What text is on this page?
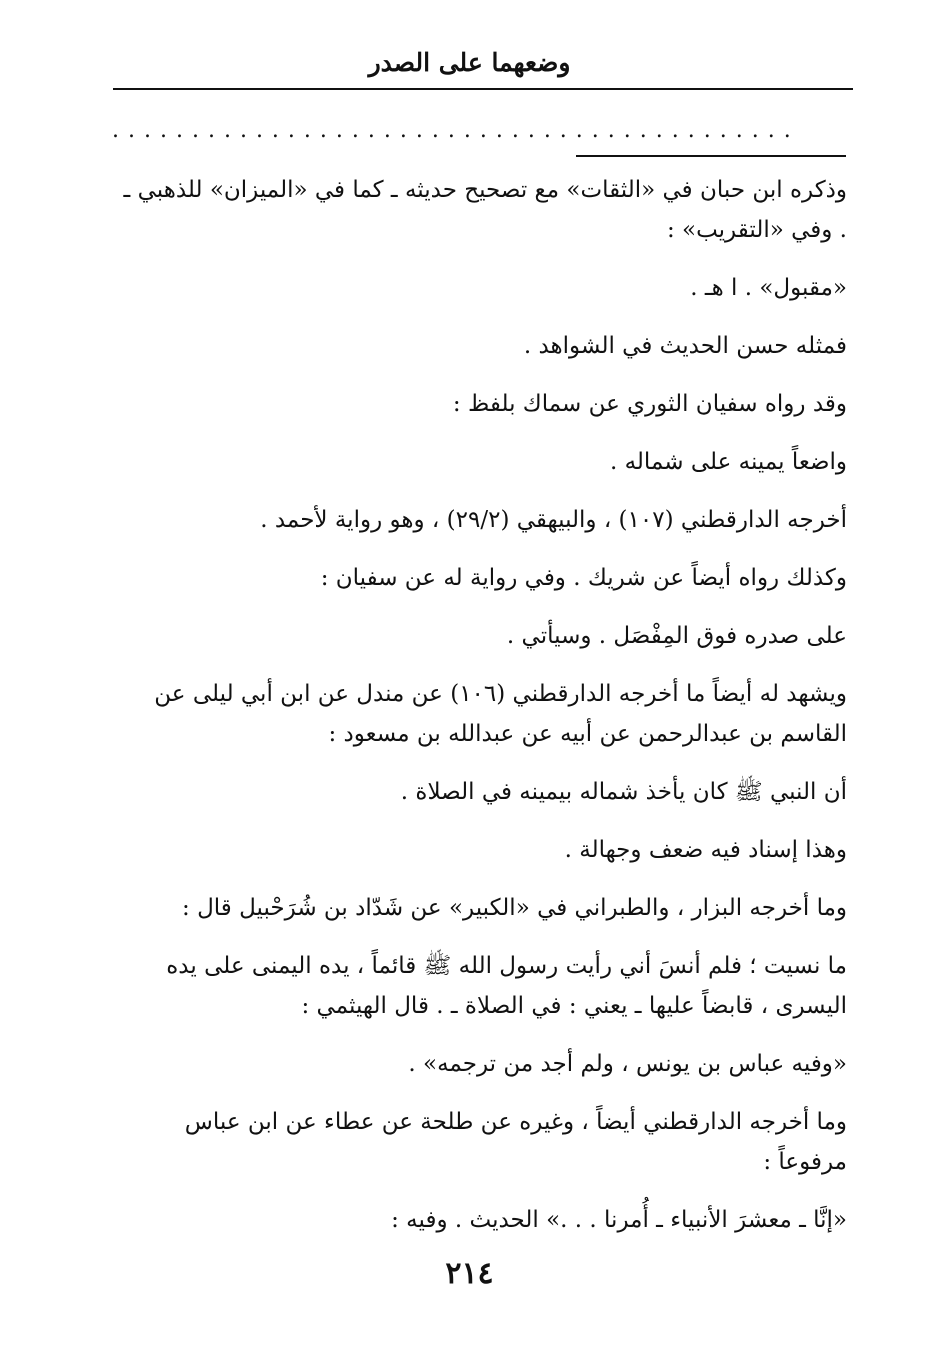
وضعهما على الصدر
...........................................

وذكره ابن حبان في «الثقات» مع تصحيح حديثه ـ كما في «الميزان» للذهبي ـ . وفي «التقريب» :

«مقبول» . ا هـ .

فمثله حسن الحديث في الشواهد .

وقد رواه سفيان الثوري عن سماك بلفظ :

واضعاً يمينه على شماله .

أخرجه الدارقطني (١٠٧) ، والبيهقي (٢٩/٢) ، وهو رواية لأحمد .

وكذلك رواه أيضاً عن شريك . وفي رواية له عن سفيان :

على صدره فوق المِفْصَل . وسيأتي .

ويشهد له أيضاً ما أخرجه الدارقطني (١٠٦) عن مندل عن ابن أبي ليلى عن القاسم بن عبدالرحمن عن أبيه عن عبدالله بن مسعود :

أن النبي ﷺ كان يأخذ شماله بيمينه في الصلاة .

وهذا إسناد فيه ضعف وجهالة .

وما أخرجه البزار ، والطبراني في «الكبير» عن شَدّاد بن شُرَحْبيل قال :

ما نسيت ؛ فلم أنسَ أني رأيت رسول الله ﷺ قائماً ، يده اليمنى على يده اليسرى ، قابضاً عليها ـ يعني : في الصلاة ـ . قال الهيثمي :

«وفيه عباس بن يونس ، ولم أجد من ترجمه» .

وما أخرجه الدارقطني أيضاً ، وغيره عن طلحة عن عطاء عن ابن عباس مرفوعاً :

«إنَّا ـ معشرَ الأنبياء ـ أُمرنا . . .» الحديث . وفيه :

٢١٤
